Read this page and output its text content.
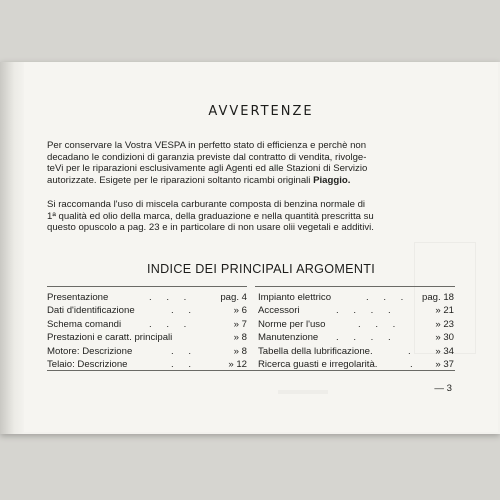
AVVERTENZE

Per conservare la Vostra VESPA in perfetto stato di efficienza e perchè non
decadano le condizioni di garanzia previste dal contratto di vendita, rivolge-
teVi per le riparazioni esclusivamente agli Agenti ed alle Stazioni di Servizio
autorizzate. Esigete per le riparazioni soltanto ricambi originali Piaggio.

Si raccomanda l'uso di miscela carburante composta di benzina normale di
1ª qualità ed olio della marca, della graduazione e nella quantità prescritta su
questo opuscolo a pag. 23 e in particolare di non usare olii vegetali e additivi.

INDICE DEI PRINCIPALI ARGOMENTI
Presentazione	. . .	pag. 4
Dati d'identificazione	. .	» 6
Schema comandi	. . .	» 7
Prestazioni e caratt. principali	» 8
Motore: Descrizione	. .	» 8
Telaio: Descrizione	. .	» 12
Impianto elettrico	. . . pag. 18
Accessori	. . . .	» 21
Norme per l'uso	. . .	» 23
Manutenzione . . . .	» 30
Tabella della lubrificazione.	. » 34
Ricerca guasti e irregolarità.	. » 37
— 3
